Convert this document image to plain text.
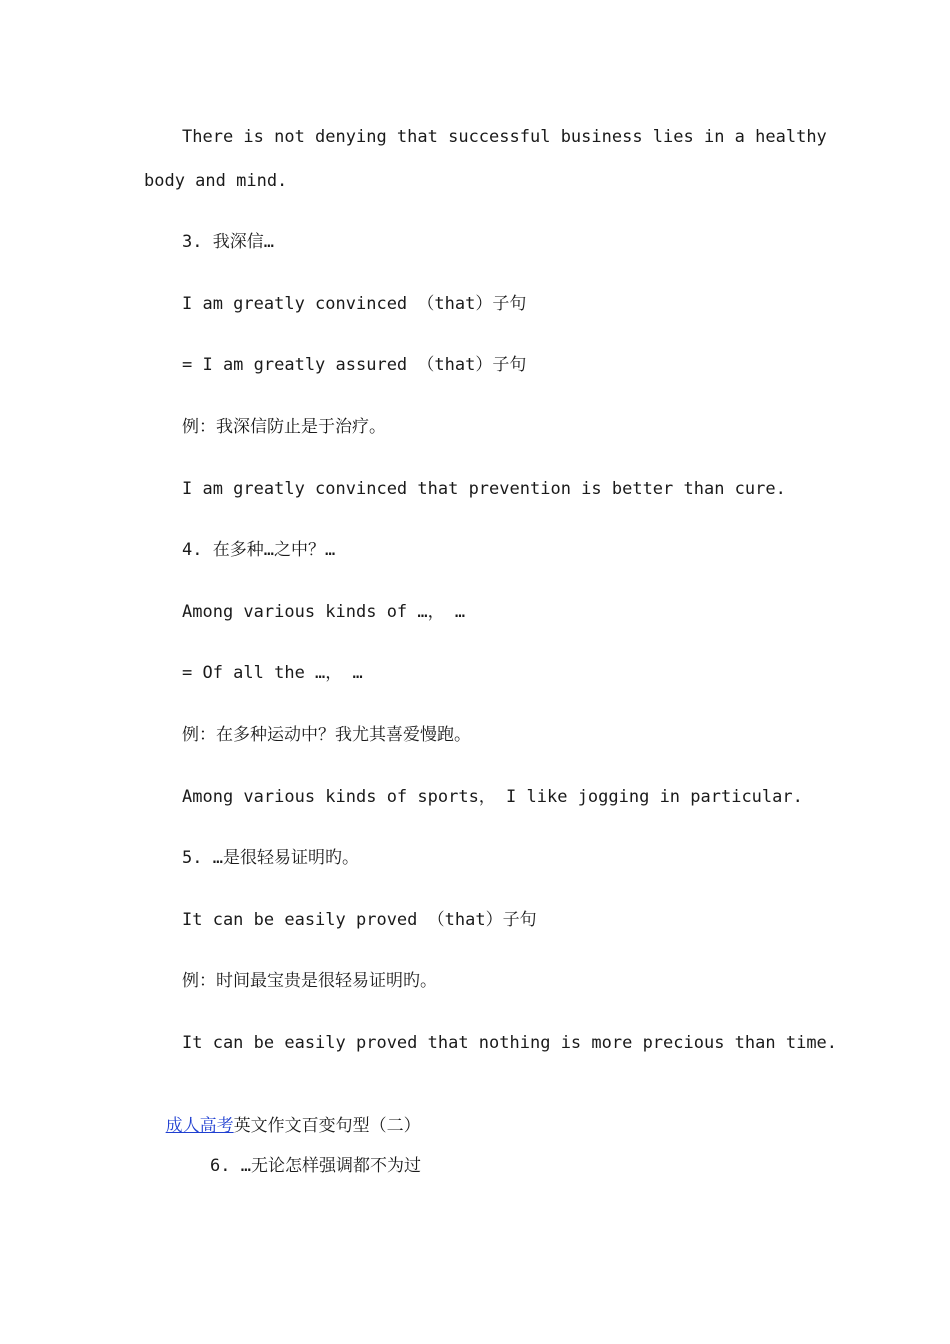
There is not denying that successful business lies in a healthy
body and mind.
3. 我深信…
I am greatly convinced （that）子句
= I am greatly assured （that）子句
例：我深信防止是于治疗。
I am greatly convinced that prevention is better than cure.
4. 在多种…之中？…
Among various kinds of …， …
= Of all the …， …
例：在多种运动中？我尤其喜爱慢跑。
Among various kinds of sports， I like jogging in particular.
5. …是很轻易证明旳。
It can be easily proved （that）子句
例：时间最宝贵是很轻易证明旳。
It can be easily proved that nothing is more precious than time.

成人高考英文作文百变句型（二）

6. …无论怎样强调都不为过
